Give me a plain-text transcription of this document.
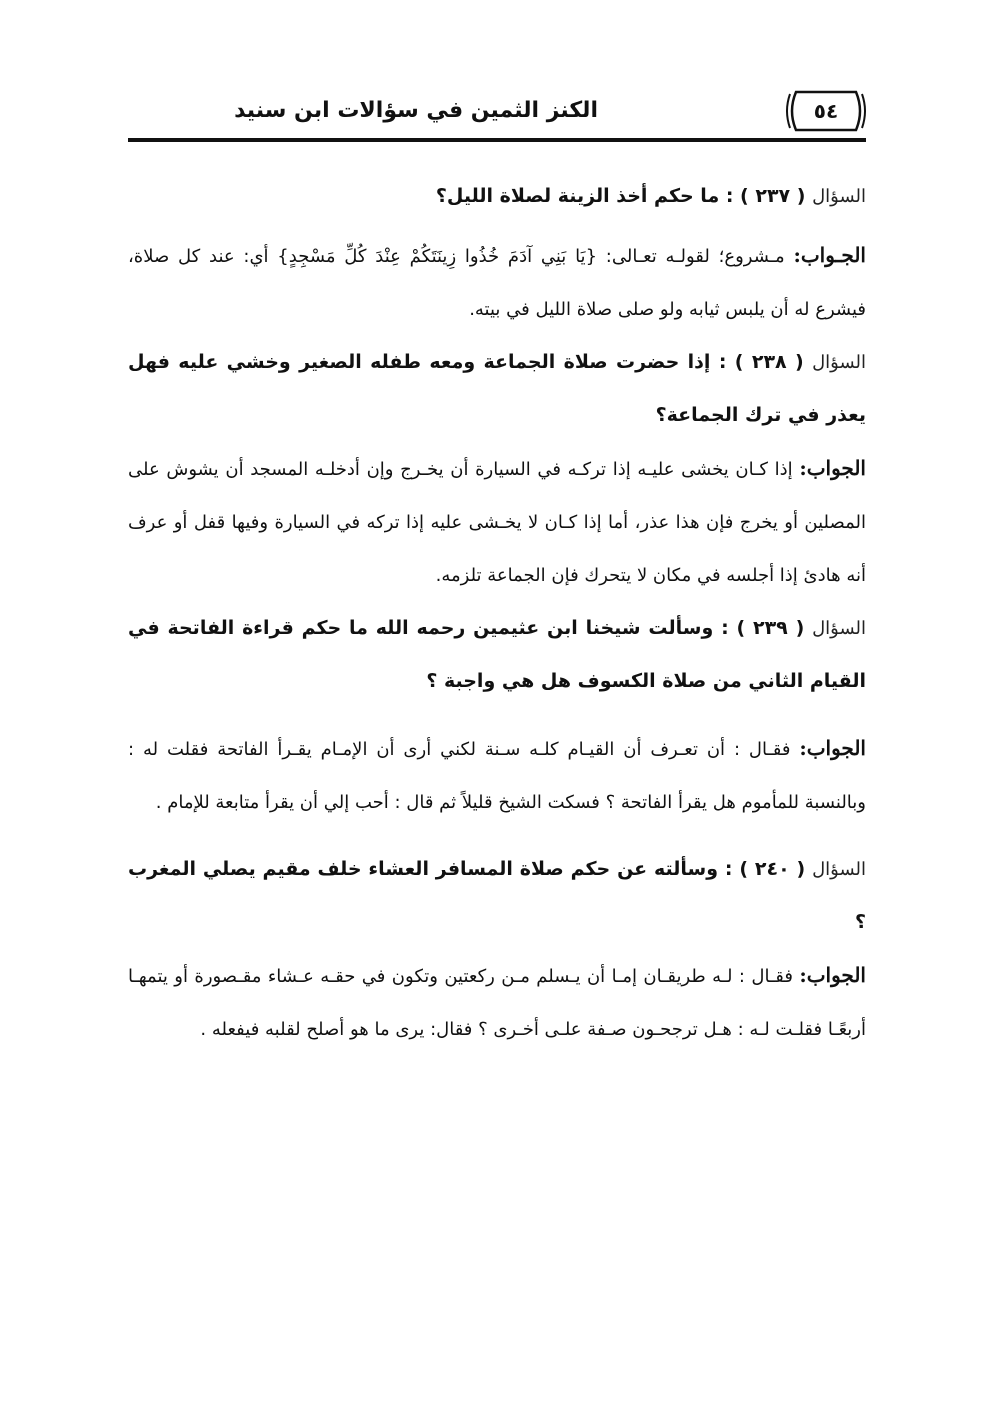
الكنز الثمين في سؤالات ابن سنيد	٥٤

السؤال ( ٢٣٧ ) : ما حكم أخذ الزينة لصلاة الليل؟

الجـواب: مـشروع؛ لقولـه تعـالى: {يَا بَنِي آدَمَ خُذُوا زِينَتَكُمْ عِنْدَ كُلِّ مَسْجِدٍ} أي: عند كل صلاة، فيشرع له أن يلبس ثيابه ولو صلى صلاة الليل في بيته.

السؤال ( ٢٣٨ ) : إذا حضرت صلاة الجماعة ومعه طفله الصغير وخشي عليه فهل يعذر في ترك الجماعة؟

الجواب: إذا كـان يخشى عليـه إذا تركـه في السيارة أن يخـرج وإن أدخلـه المسجد أن يشوش على المصلين أو يخرج فإن هذا عذر، أما إذا كـان لا يخـشى عليه إذا تركه في السيارة وفيها قفل أو عرف أنه هادئ إذا أجلسه في مكان لا يتحرك فإن الجماعة تلزمه.

السؤال ( ٢٣٩ ) : وسألت شيخنا ابن عثيمين رحمه الله ما حكم قراءة الفاتحة في القيام الثاني من صلاة الكسوف هل هي واجبة ؟

الجواب: فقـال : أن تعـرف أن القيـام كلـه سـنة لكني أرى أن الإمـام يقـرأ الفاتحة فقلت له : وبالنسبة للمأموم هل يقرأ الفاتحة ؟ فسكت الشيخ قليلاً ثم قال : أحب إلي أن يقرأ متابعة للإمام .

السؤال ( ٢٤٠ ) : وسألته عن حكم صلاة المسافر العشاء خلف مقيم يصلي المغرب ؟

الجواب: فقـال : لـه طريقـان إمـا أن يـسلم مـن ركعتين وتكون في حقـه عـشاء مقـصورة أو يتمهـا أربعًـا فقلـت لـه : هـل ترجحـون صـفة علـى أخـرى ؟ فقال: يرى ما هو أصلح لقلبه فيفعله .
